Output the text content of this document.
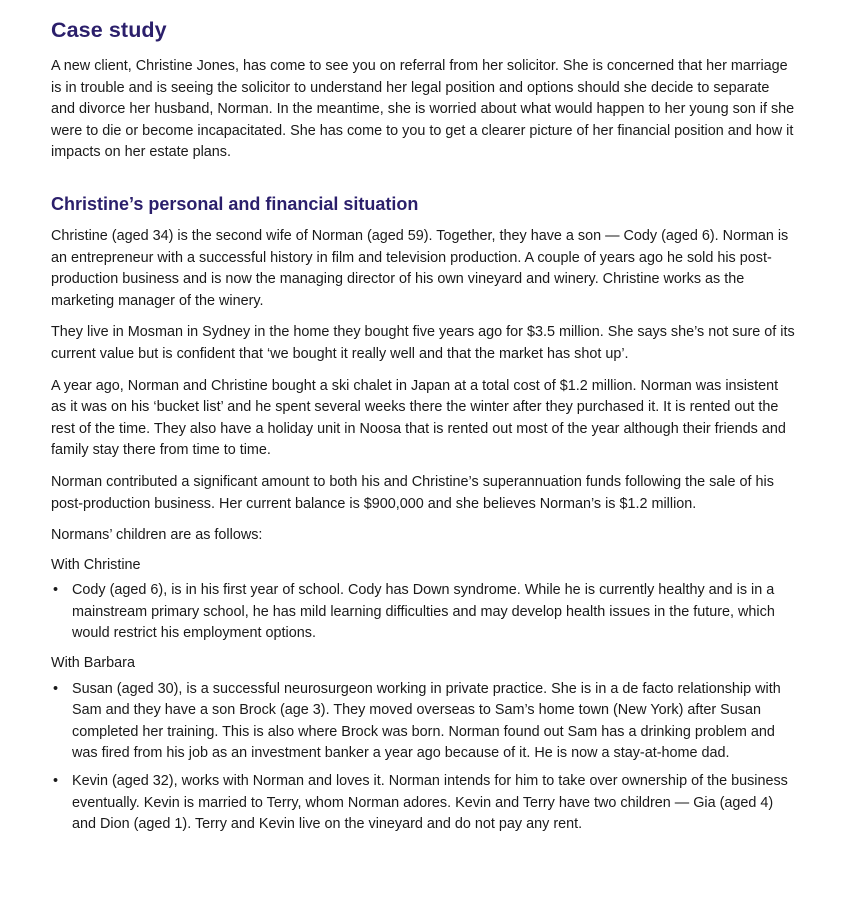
Case study

A new client, Christine Jones, has come to see you on referral from her solicitor. She is concerned that her marriage is in trouble and is seeing the solicitor to understand her legal position and options should she decide to separate and divorce her husband, Norman. In the meantime, she is worried about what would happen to her young son if she were to die or become incapacitated. She has come to you to get a clearer picture of her financial position and how it impacts on her estate plans.

Christine’s personal and financial situation

Christine (aged 34) is the second wife of Norman (aged 59). Together, they have a son — Cody (aged 6). Norman is an entrepreneur with a successful history in film and television production. A couple of years ago he sold his post-production business and is now the managing director of his own vineyard and winery. Christine works as the marketing manager of the winery.

They live in Mosman in Sydney in the home they bought five years ago for $3.5 million. She says she’s not sure of its current value but is confident that ‘we bought it really well and that the market has shot up’.

A year ago, Norman and Christine bought a ski chalet in Japan at a total cost of $1.2 million. Norman was insistent as it was on his ‘bucket list’ and he spent several weeks there the winter after they purchased it. It is rented out the rest of the time. They also have a holiday unit in Noosa that is rented out most of the year although their friends and family stay there from time to time.

Norman contributed a significant amount to both his and Christine’s superannuation funds following the sale of his post-production business. Her current balance is $900,000 and she believes Norman’s is $1.2 million.

Normans’ children are as follows:

With Christine

• Cody (aged 6), is in his first year of school. Cody has Down syndrome. While he is currently healthy and is in a mainstream primary school, he has mild learning difficulties and may develop health issues in the future, which would restrict his employment options.

With Barbara

• Susan (aged 30), is a successful neurosurgeon working in private practice. She is in a de facto relationship with Sam and they have a son Brock (age 3). They moved overseas to Sam’s home town (New York) after Susan completed her training. This is also where Brock was born. Norman found out Sam has a drinking problem and was fired from his job as an investment banker a year ago because of it. He is now a stay-at-home dad.
• Kevin (aged 32), works with Norman and loves it. Norman intends for him to take over ownership of the business eventually. Kevin is married to Terry, whom Norman adores. Kevin and Terry have two children — Gia (aged 4) and Dion (aged 1). Terry and Kevin live on the vineyard and do not pay any rent.
